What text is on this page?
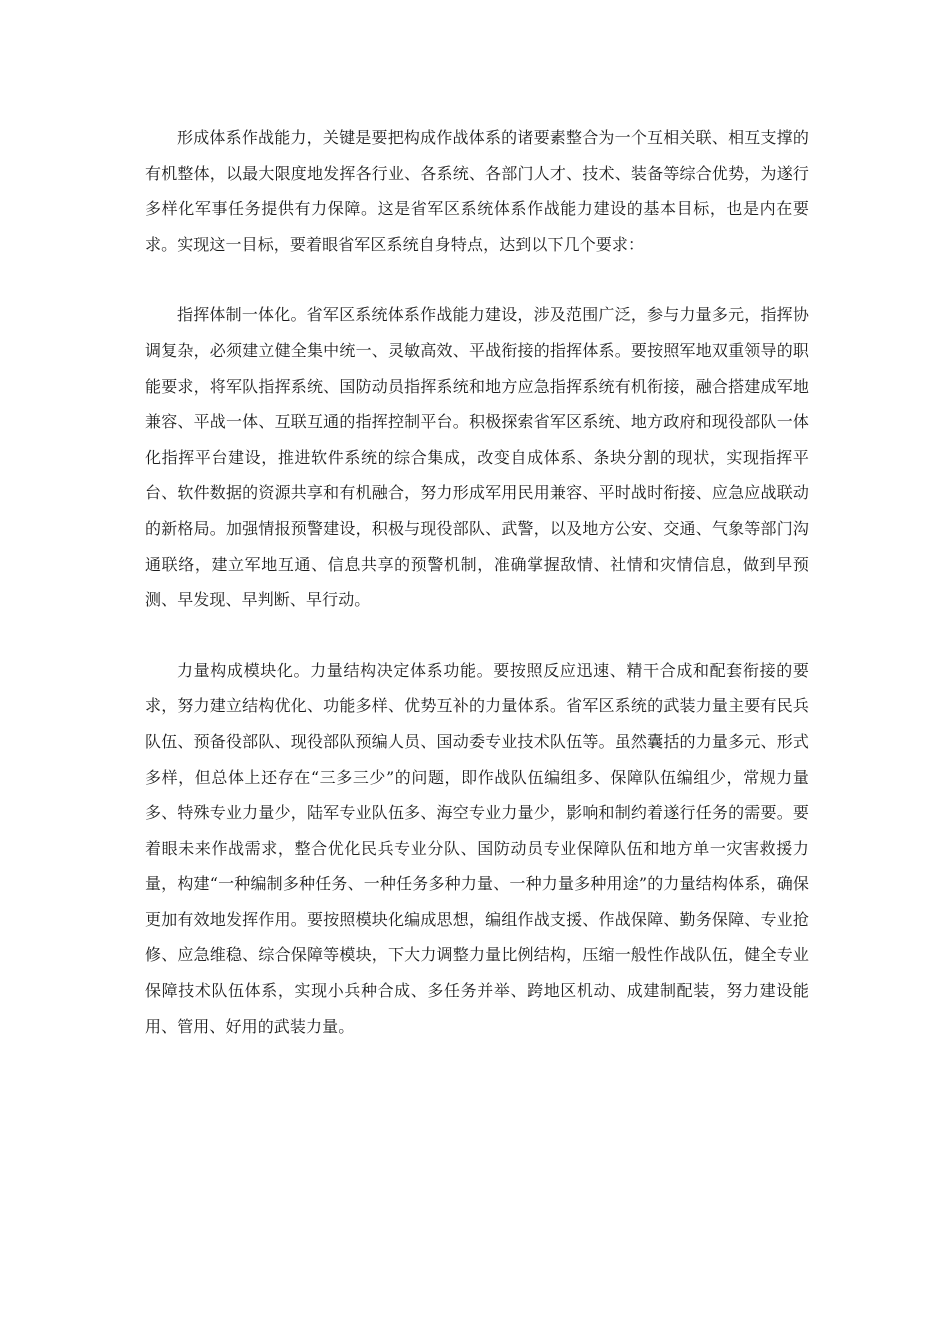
形成体系作战能力，关键是要把构成作战体系的诸要素整合为一个互相关联、相互支撑的有机整体，以最大限度地发挥各行业、各系统、各部门人才、技术、装备等综合优势，为遂行多样化军事任务提供有力保障。这是省军区系统体系作战能力建设的基本目标，也是内在要求。实现这一目标，要着眼省军区系统自身特点，达到以下几个要求：

指挥体制一体化。省军区系统体系作战能力建设，涉及范围广泛，参与力量多元，指挥协调复杂，必须建立健全集中统一、灵敏高效、平战衔接的指挥体系。要按照军地双重领导的职能要求，将军队指挥系统、国防动员指挥系统和地方应急指挥系统有机衔接，融合搭建成军地兼容、平战一体、互联互通的指挥控制平台。积极探索省军区系统、地方政府和现役部队一体化指挥平台建设，推进软件系统的综合集成，改变自成体系、条块分割的现状，实现指挥平台、软件数据的资源共享和有机融合，努力形成军用民用兼容、平时战时衔接、应急应战联动的新格局。加强情报预警建设，积极与现役部队、武警，以及地方公安、交通、气象等部门沟通联络，建立军地互通、信息共享的预警机制，准确掌握敌情、社情和灾情信息，做到早预测、早发现、早判断、早行动。

力量构成模块化。力量结构决定体系功能。要按照反应迅速、精干合成和配套衔接的要求，努力建立结构优化、功能多样、优势互补的力量体系。省军区系统的武装力量主要有民兵队伍、预备役部队、现役部队预编人员、国动委专业技术队伍等。虽然囊括的力量多元、形式多样，但总体上还存在“三多三少”的问题，即作战队伍编组多、保障队伍编组少，常规力量多、特殊专业力量少，陆军专业队伍多、海空专业力量少，影响和制约着遂行任务的需要。要着眼未来作战需求，整合优化民兵专业分队、国防动员专业保障队伍和地方单一灾害救援力量，构建“一种编制多种任务、一种任务多种力量、一种力量多种用途”的力量结构体系，确保更加有效地发挥作用。要按照模块化编成思想，编组作战支援、作战保障、勤务保障、专业抢修、应急维稳、综合保障等模块，下大力调整力量比例结构，压缩一般性作战队伍，健全专业保障技术队伍体系，实现小兵种合成、多任务并举、跨地区机动、成建制配装，努力建设能用、管用、好用的武装力量。
